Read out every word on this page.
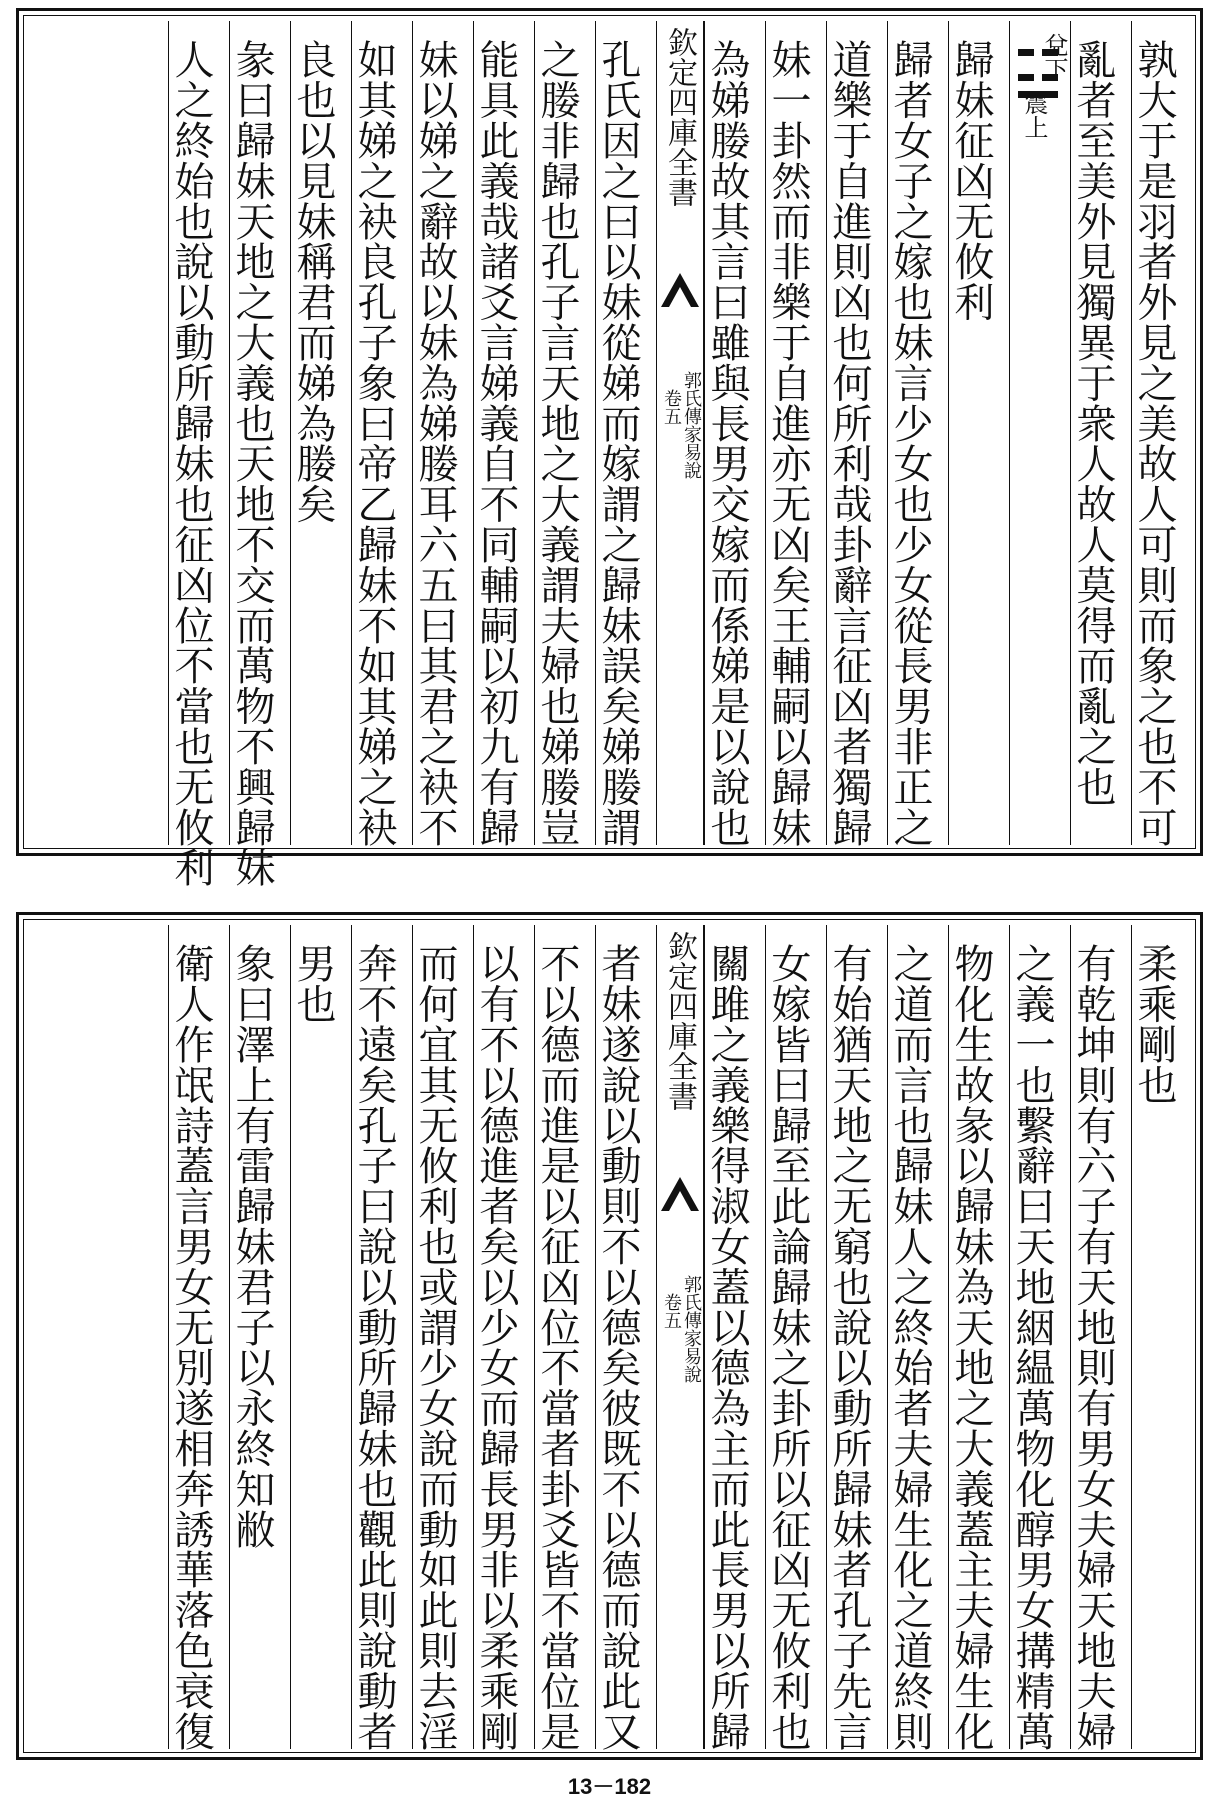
孰大于是羽者外見之美故人可則而象之也不可
亂者至美外見獨異于衆人故人莫得而亂之也
兌下
震上
歸妹征凶无攸利
歸者女子之嫁也妹言少女也少女從長男非正之
道樂于自進則凶也何所利哉卦辭言征凶者獨歸
妹一卦然而非樂于自進亦无凶矣王輔嗣以歸妹
為娣媵故其言曰雖與長男交嫁而係娣是以說也
欽定四庫全書
郭氏傳家易說
卷五
孔氏因之曰以妹從娣而嫁謂之歸妹誤矣娣媵謂
之媵非歸也孔子言天地之大義謂夫婦也娣媵豈
能具此義哉諸爻言娣義自不同輔嗣以初九有歸
妹以娣之辭故以妹為娣媵耳六五曰其君之袂不
如其娣之袂良孔子象曰帝乙歸妹不如其娣之袂
良也以見妹稱君而娣為媵矣
彖曰歸妹天地之大義也天地不交而萬物不興歸妹
人之終始也說以動所歸妹也征凶位不當也无攸利
柔乘剛也
有乾坤則有六子有天地則有男女夫婦天地夫婦
之義一也繫辭曰天地絪緼萬物化醇男女搆精萬
物化生故彖以歸妹為天地之大義蓋主夫婦生化
之道而言也歸妹人之終始者夫婦生化之道終則
有始猶天地之无窮也說以動所歸妹者孔子先言
女嫁皆曰歸至此論歸妹之卦所以征凶无攸利也
關雎之義樂得淑女蓋以德為主而此長男以所歸
欽定四庫全書
郭氏傳家易說
卷五
者妹遂說以動則不以德矣彼既不以德而說此又
不以德而進是以征凶位不當者卦爻皆不當位是
以有不以德進者矣以少女而歸長男非以柔乘剛
而何宜其无攸利也或謂少女說而動如此則去淫
奔不遠矣孔子曰說以動所歸妹也觀此則說動者
男也
象曰澤上有雷歸妹君子以永終知敝
衛人作氓詩蓋言男女无別遂相奔誘華落色衰復
13－182
